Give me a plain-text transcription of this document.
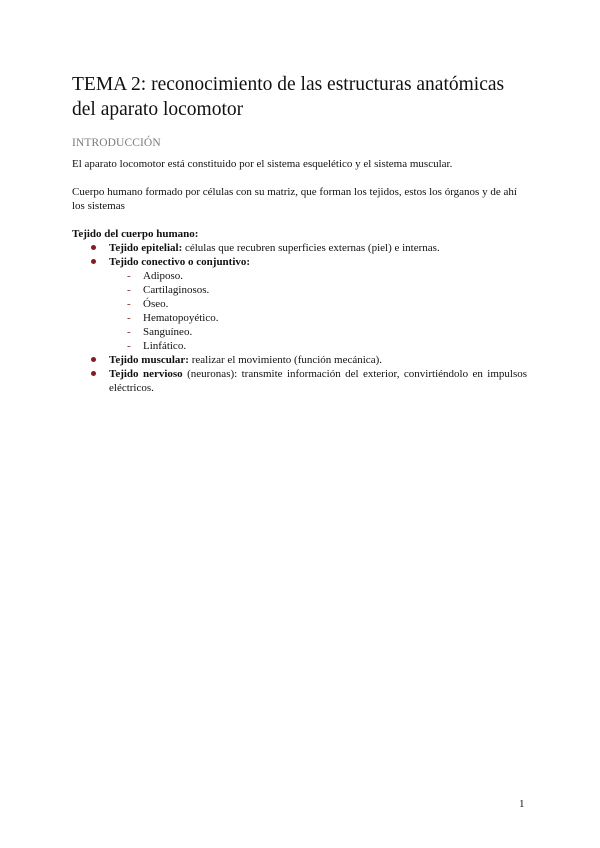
TEMA 2: reconocimiento de las estructuras anatómicas del aparato locomotor
INTRODUCCIÓN

El aparato locomotor está constituido por el sistema esquelético y el sistema muscular.

Cuerpo humano formado por células con su matriz, que forman los tejidos, estos los órganos y de ahí los sistemas

Tejido del cuerpo humano:
Tejido epitelial: células que recubren superficies externas (piel) e internas.
Tejido conectivo o conjuntivo:
- Adiposo.
- Cartilaginosos.
- Óseo.
- Hematopoyético.
- Sanguíneo.
- Linfático.
Tejido muscular: realizar el movimiento (función mecánica).
Tejido nervioso (neuronas): transmite información del exterior, convirtiéndolo en impulsos eléctricos.
1
